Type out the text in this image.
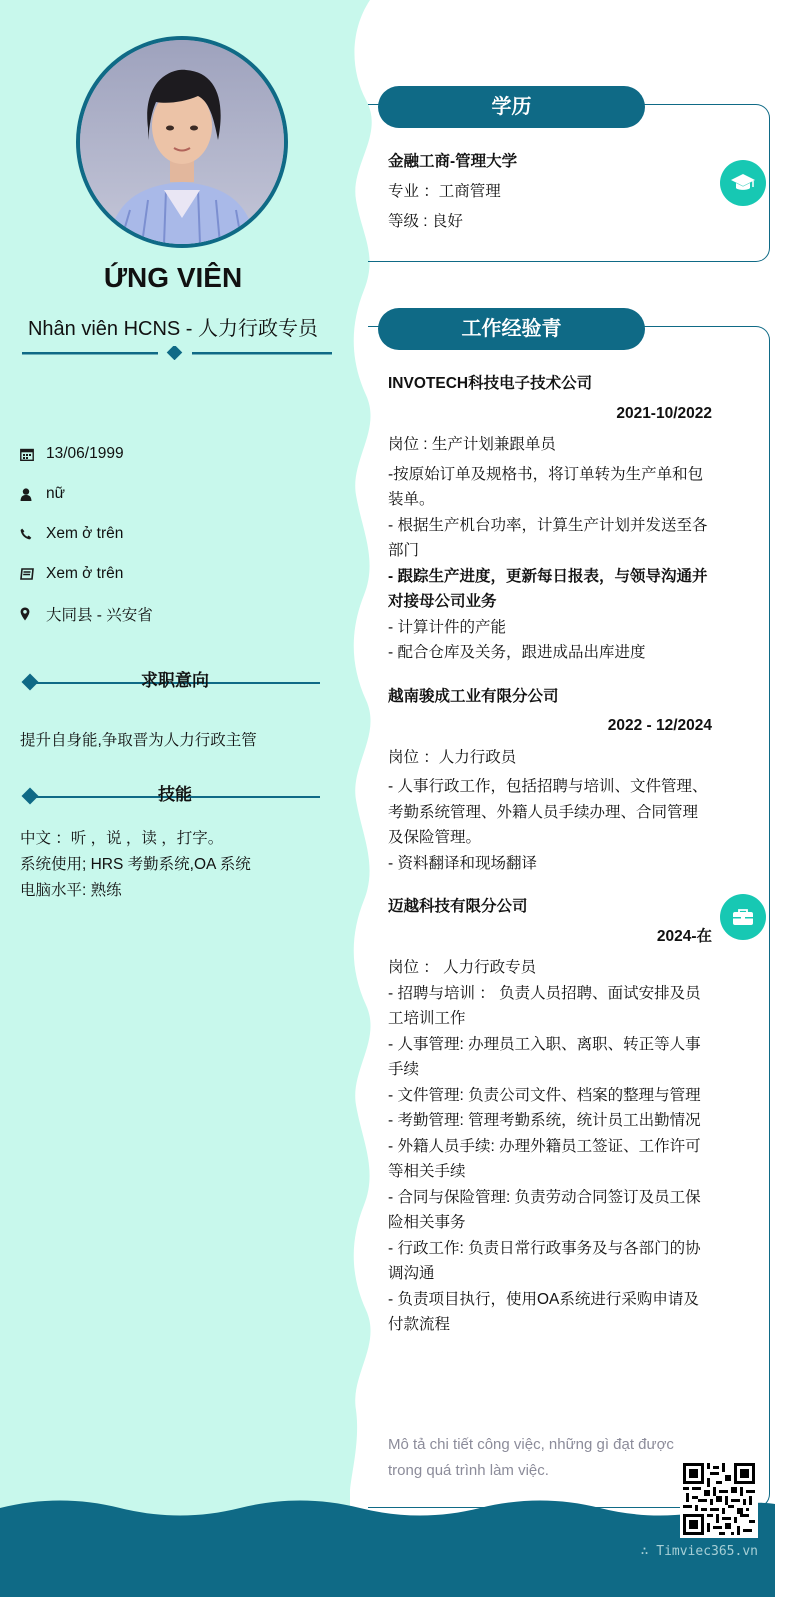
ỨNG VIÊN
Nhân viên HCNS - 人力行政专员
13/06/1999
nữ
Xem ở trên
Xem ở trên
大同县 - 兴安省
求职意向
提升自身能,争取晋为人力行政主管
技能
中文 ：听 ，说 ，读 ，打字。
系统使用; HRS 考勤系统,OA 系统
电脑水平: 熟练
学历
金融工商-管理大学
专业 ：工商管理
等级 : 良好
工作经验青
INVOTECH科技电子技术公司
2021-10/2022
岗位 : 生产计划兼跟单员
-按原始订单及规格书，将订单转为生产单和包装单。
- 根据生产机台功率，计算生产计划并发送至各部门
- 跟踪生产进度，更新每日报表，与领导沟通并对接母公司业务
- 计算计件的产能
- 配合仓库及关务，跟进成品出库进度
越南骏成工业有限分公司
2022 - 12/2024
岗位 ：人力行政员
- 人事行政工作，包括招聘与培训、文件管理、考勤系统管理、外籍人员手续办理、合同管理及保险管理。
- 资料翻译和现场翻译
迈越科技有限分公司
2024-在
岗位 ： 人力行政专员
- 招聘与培训 ： 负责人员招聘、面试安排及员工培训工作
- 人事管理: 办理员工入职、离职、转正等人事手续
- 文件管理: 负责公司文件、档案的整理与管理
- 考勤管理: 管理考勤系统，统计员工出勤情况
- 外籍人员手续: 办理外籍员工签证、工作许可等相关手续
- 合同与保险管理: 负责劳动合同签订及员工保险相关事务
- 行政工作: 负责日常行政事务及与各部门的协调沟通
- 负责项目执行，使用OA系统进行采购申请及付款流程
Mô tả chi tiết công việc, những gì đạt được trong quá trình làm việc.
∴ Timviec365.vn
